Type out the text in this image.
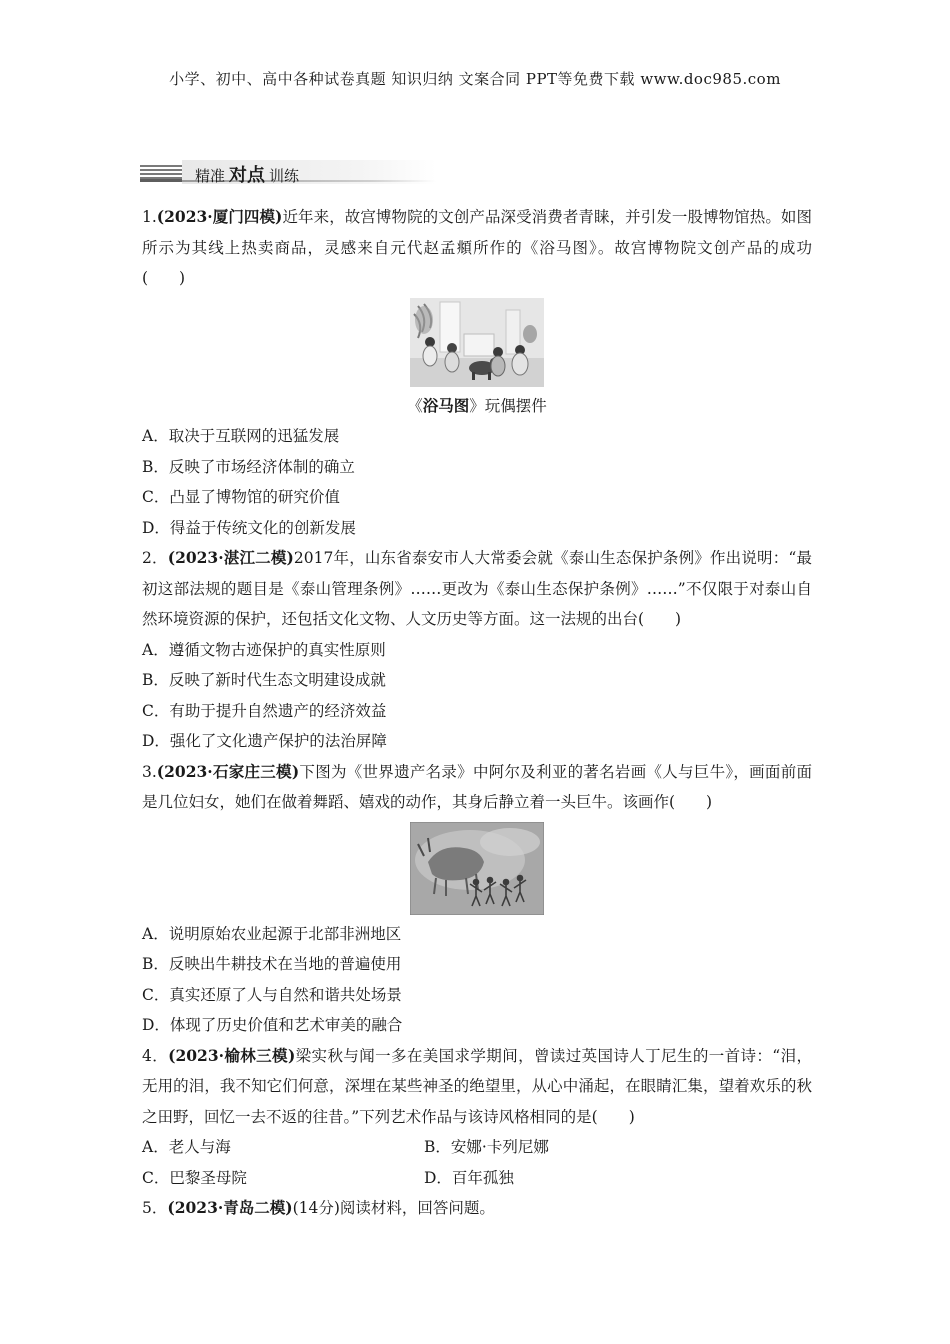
小学、初中、高中各种试卷真题 知识归纳 文案合同 PPT等免费下载 www.doc985.com
精准 对点 训练

1.(2023·厦门四模)近年来，故宫博物院的文创产品深受消费者青睐，并引发一股博物馆热。如图所示为其线上热卖商品，灵感来自元代赵孟頫所作的《浴马图》。故宫博物院文创产品的成功(　　)

《浴马图》玩偶摆件

A．取决于互联网的迅猛发展

B．反映了市场经济体制的确立

C．凸显了博物馆的研究价值

D．得益于传统文化的创新发展

2．(2023·湛江二模)2017年，山东省泰安市人大常委会就《泰山生态保护条例》作出说明：“最初这部法规的题目是《泰山管理条例》……更改为《泰山生态保护条例》……”不仅限于对泰山自然环境资源的保护，还包括文化文物、人文历史等方面。这一法规的出台(　　)

A．遵循文物古迹保护的真实性原则

B．反映了新时代生态文明建设成就

C．有助于提升自然遗产的经济效益

D．强化了文化遗产保护的法治屏障

3.(2023·石家庄三模)下图为《世界遗产名录》中阿尔及利亚的著名岩画《人与巨牛》，画面前面是几位妇女，她们在做着舞蹈、嬉戏的动作，其身后静立着一头巨牛。该画作(　　)

A．说明原始农业起源于北部非洲地区

B．反映出牛耕技术在当地的普遍使用

C．真实还原了人与自然和谐共处场景

D．体现了历史价值和艺术审美的融合

4．(2023·榆林三模)梁实秋与闻一多在美国求学期间，曾读过英国诗人丁尼生的一首诗：“泪，无用的泪，我不知它们何意，深埋在某些神圣的绝望里，从心中涌起，在眼睛汇集，望着欢乐的秋之田野，回忆一去不返的往昔。”下列艺术作品与该诗风格相同的是(　　)

A．老人与海	B．安娜·卡列尼娜

C．巴黎圣母院	D．百年孤独

5．(2023·青岛二模)(14分)阅读材料，回答问题。
